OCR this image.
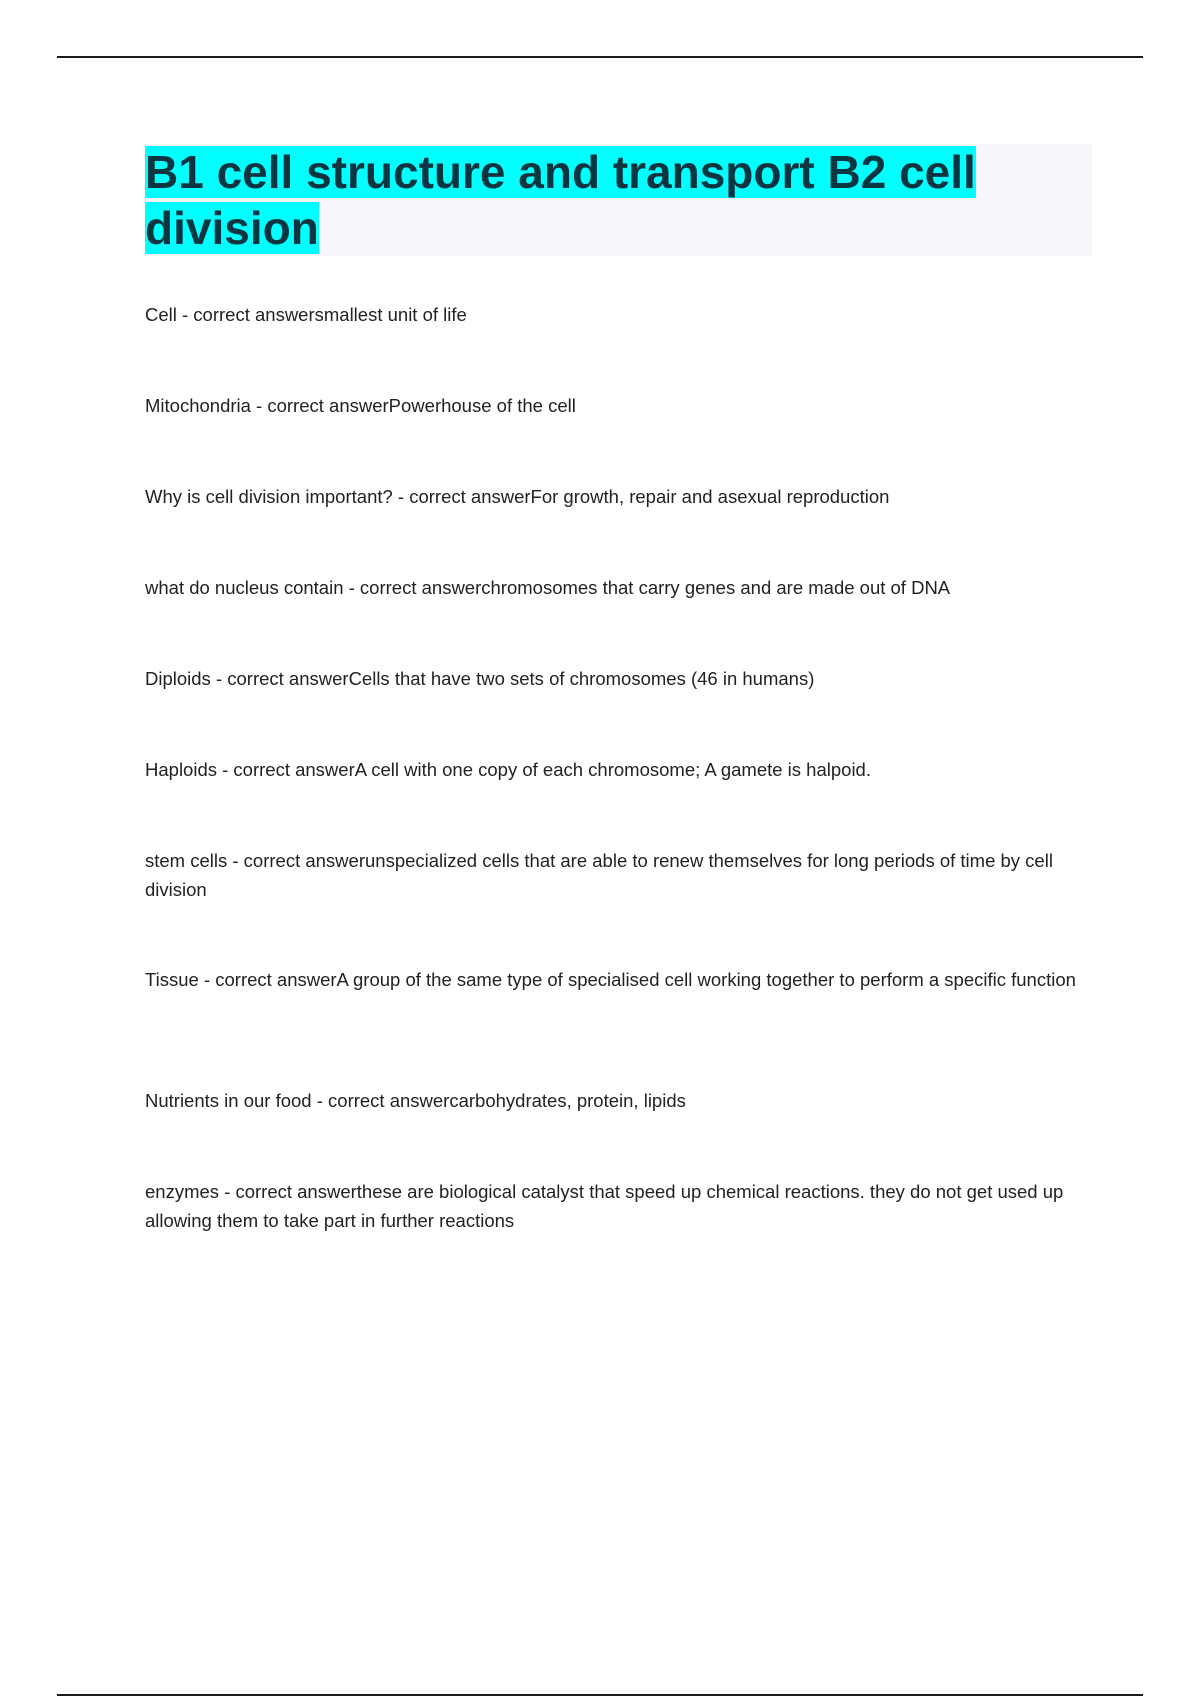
B1 cell structure and transport B2 cell division
Cell - correct answersmallest unit of life
Mitochondria - correct answerPowerhouse of the cell
Why is cell division important? - correct answerFor growth, repair and asexual reproduction
what do nucleus contain - correct answerchromosomes that carry genes and are made out of DNA
Diploids - correct answerCells that have two sets of chromosomes (46 in humans)
Haploids - correct answerA cell with one copy of each chromosome; A gamete is halpoid.
stem cells - correct answerunspecialized cells that are able to renew themselves for long periods of time by cell division
Tissue - correct answerA group of the same type of specialised cell working together to perform a specific function
Nutrients in our food - correct answercarbohydrates, protein, lipids
enzymes - correct answerthese are biological catalyst that speed up chemical reactions. they do not get used up allowing them to take part in further reactions
